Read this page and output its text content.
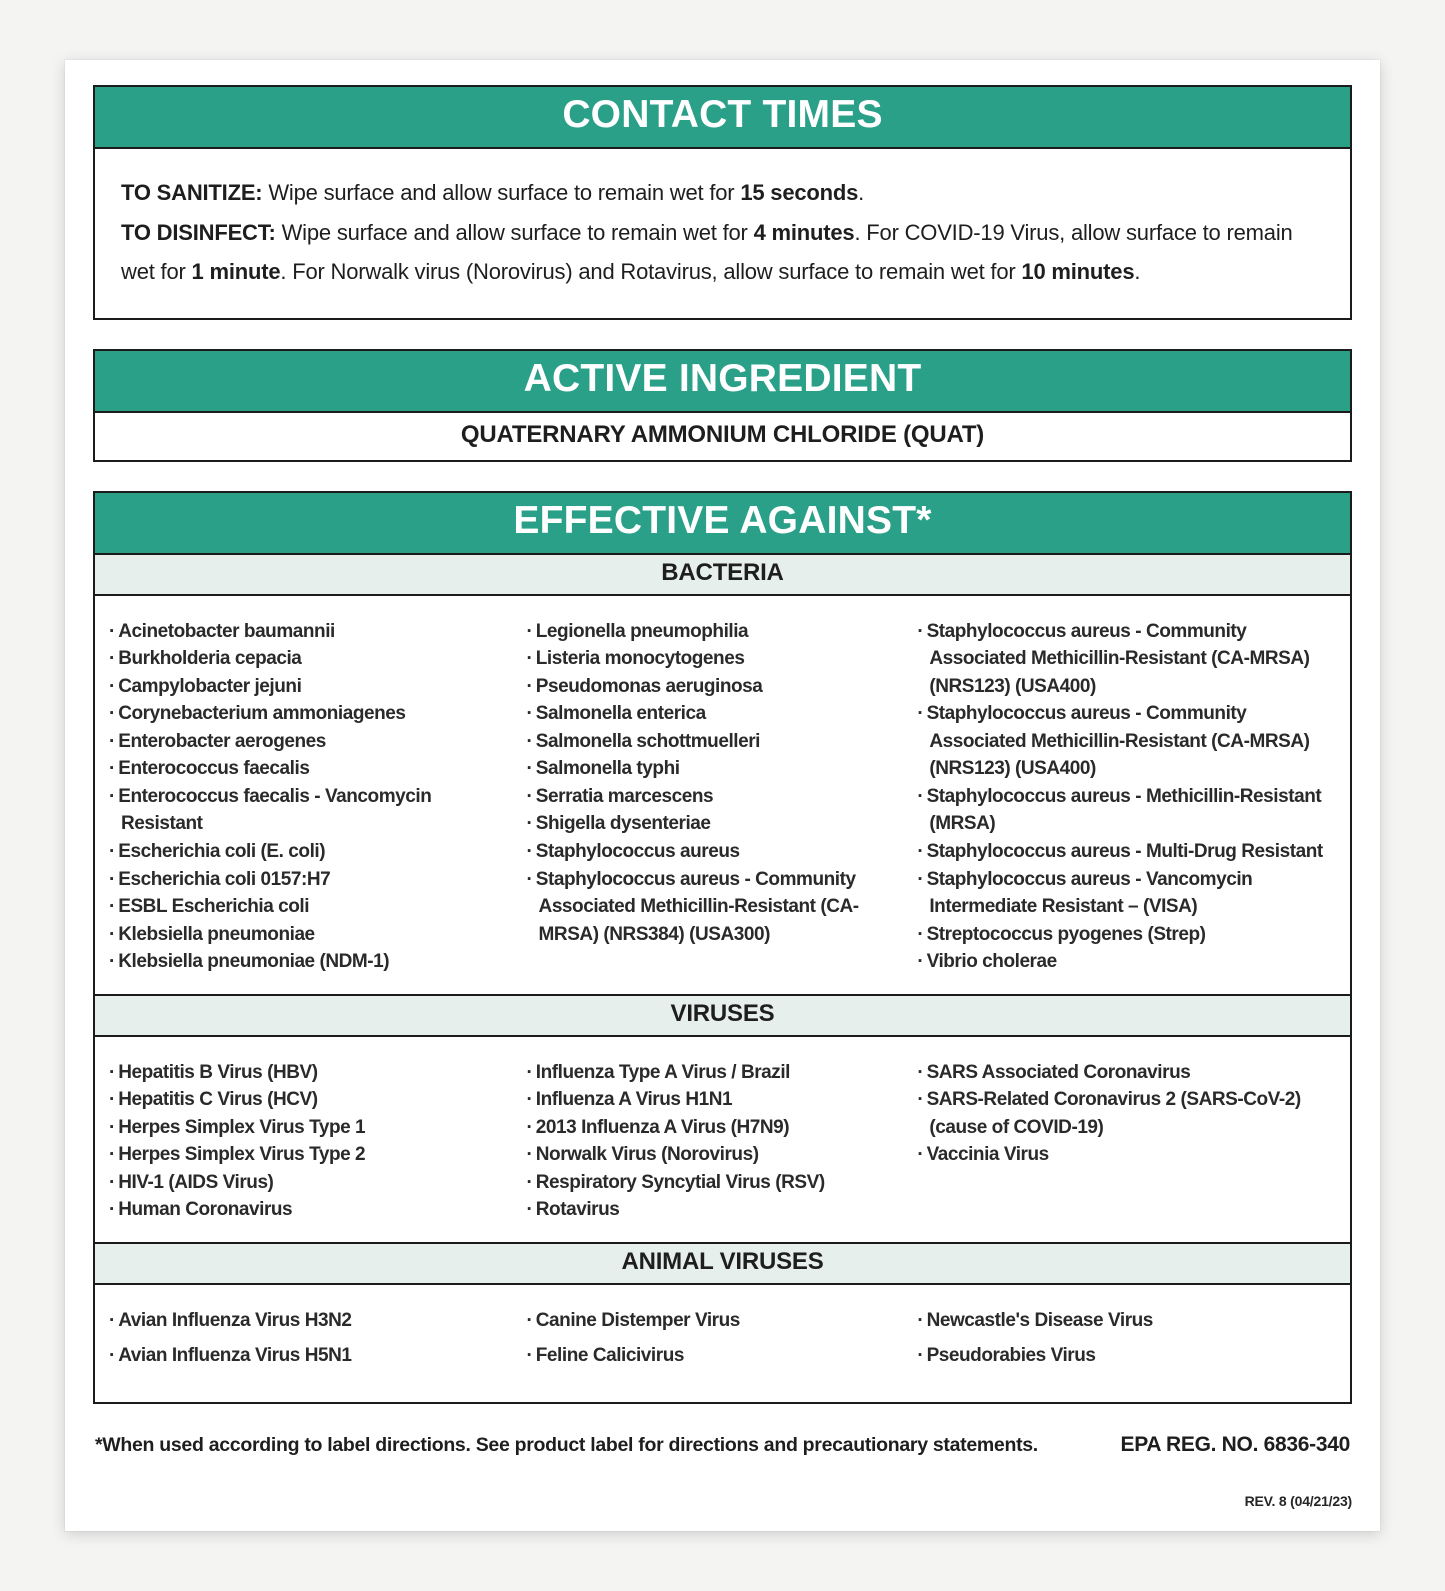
CONTACT TIMES

TO SANITIZE: Wipe surface and allow surface to remain wet for 15 seconds.

TO DISINFECT: Wipe surface and allow surface to remain wet for 4 minutes. For COVID-19 Virus, allow surface to remain wet for 1 minute. For Norwalk virus (Norovirus) and Rotavirus, allow surface to remain wet for 10 minutes.

ACTIVE INGREDIENT
QUATERNARY AMMONIUM CHLORIDE (QUAT)
EFFECTIVE AGAINST*
BACTERIA
· Acinetobacter baumannii
· Burkholderia cepacia
· Campylobacter jejuni
· Corynebacterium ammoniagenes
· Enterobacter aerogenes
· Enterococcus faecalis
· Enterococcus faecalis - Vancomycin Resistant
· Escherichia coli (E. coli)
· Escherichia coli 0157:H7
· ESBL Escherichia coli
· Klebsiella pneumoniae
· Klebsiella pneumoniae (NDM-1)
· Legionella pneumophilia
· Listeria monocytogenes
· Pseudomonas aeruginosa
· Salmonella enterica
· Salmonella schottmuelleri
· Salmonella typhi
· Serratia marcescens
· Shigella dysenteriae
· Staphylococcus aureus
· Staphylococcus aureus - Community Associated Methicillin-Resistant (CA-MRSA) (NRS384) (USA300)
· Staphylococcus aureus - Community Associated Methicillin-Resistant (CA-MRSA) (NRS123) (USA400)
· Staphylococcus aureus - Community Associated Methicillin-Resistant (CA-MRSA) (NRS123) (USA400)
· Staphylococcus aureus - Methicillin-Resistant (MRSA)
· Staphylococcus aureus - Multi-Drug Resistant
· Staphylococcus aureus - Vancomycin Intermediate Resistant – (VISA)
· Streptococcus pyogenes (Strep)
· Vibrio cholerae
VIRUSES
· Hepatitis B Virus (HBV)
· Hepatitis C Virus (HCV)
· Herpes Simplex Virus Type 1
· Herpes Simplex Virus Type 2
· HIV-1 (AIDS Virus)
· Human Coronavirus
· Influenza Type A Virus / Brazil
· Influenza A Virus H1N1
· 2013 Influenza A Virus (H7N9)
· Norwalk Virus (Norovirus)
· Respiratory Syncytial Virus (RSV)
· Rotavirus
· SARS Associated Coronavirus
· SARS-Related Coronavirus 2 (SARS-CoV-2) (cause of COVID-19)
· Vaccinia Virus
ANIMAL VIRUSES
· Avian Influenza Virus H3N2
· Avian Influenza Virus H5N1
· Canine Distemper Virus
· Feline Calicivirus
· Newcastle's Disease Virus
· Pseudorabies Virus
*When used according to label directions. See product label for directions and precautionary statements.	EPA REG. NO. 6836-340
REV. 8 (04/21/23)
